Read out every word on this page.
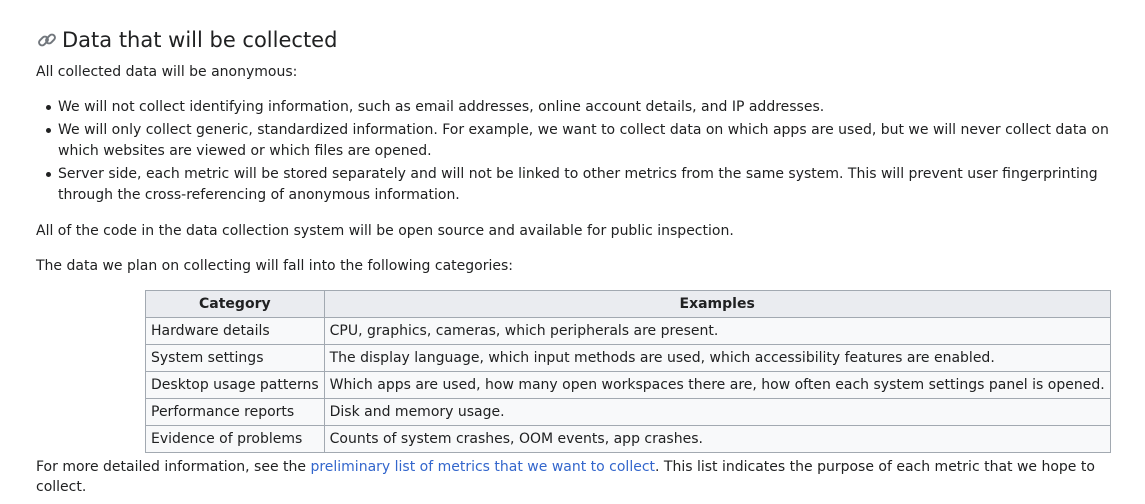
Data that will be collected

All collected data will be anonymous:

We will not collect identifying information, such as email addresses, online account details, and IP addresses.
We will only collect generic, standardized information. For example, we want to collect data on which apps are used, but we will never collect data on which websites are viewed or which files are opened.
Server side, each metric will be stored separately and will not be linked to other metrics from the same system. This will prevent user fingerprinting through the cross-referencing of anonymous information.

All of the code in the data collection system will be open source and available for public inspection.

The data we plan on collecting will fall into the following categories:

Category	Examples
Hardware details	CPU, graphics, cameras, which peripherals are present.
System settings	The display language, which input methods are used, which accessibility features are enabled.
Desktop usage patterns	Which apps are used, how many open workspaces there are, how often each system settings panel is opened.
Performance reports	Disk and memory usage.
Evidence of problems	Counts of system crashes, OOM events, app crashes.

For more detailed information, see the preliminary list of metrics that we want to collect. This list indicates the purpose of each metric that we hope to collect.
